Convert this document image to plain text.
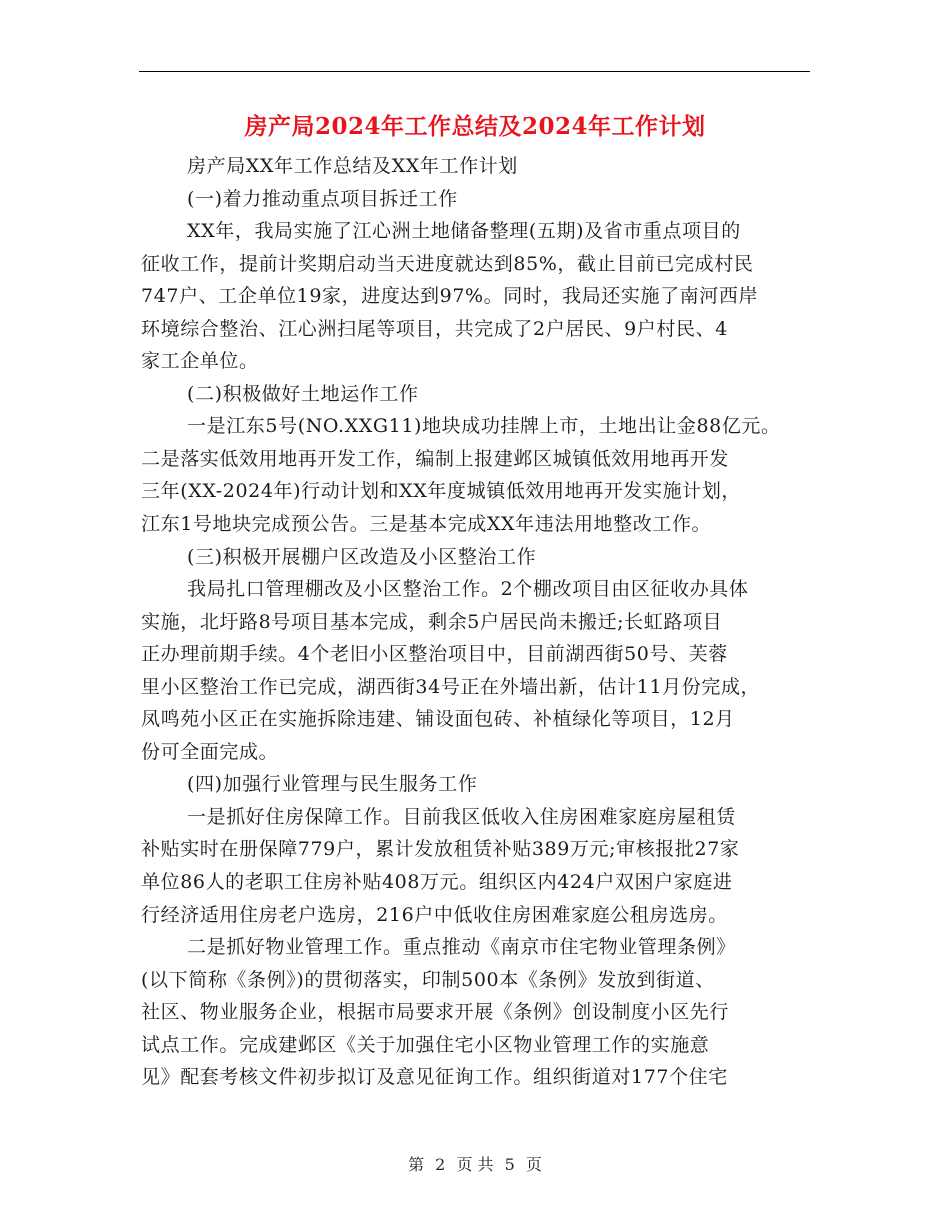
房产局2024年工作总结及2024年工作计划
房产局XX年工作总结及XX年工作计划
(一)着力推动重点项目拆迁工作
XX年，我局实施了江心洲土地储备整理(五期)及省市重点项目的
征收工作，提前计奖期启动当天进度就达到85%，截止目前已完成村民
747户、工企单位19家，进度达到97%。同时，我局还实施了南河西岸
环境综合整治、江心洲扫尾等项目，共完成了2户居民、9户村民、4
家工企单位。
(二)积极做好土地运作工作
一是江东5号(NO.XXG11)地块成功挂牌上市，土地出让金88亿元。
二是落实低效用地再开发工作，编制上报建邺区城镇低效用地再开发
三年(XX-2024年)行动计划和XX年度城镇低效用地再开发实施计划，
江东1号地块完成预公告。三是基本完成XX年违法用地整改工作。
(三)积极开展棚户区改造及小区整治工作
我局扎口管理棚改及小区整治工作。2个棚改项目由区征收办具体
实施，北圩路8号项目基本完成，剩余5户居民尚未搬迁;长虹路项目
正办理前期手续。4个老旧小区整治项目中，目前湖西街50号、芙蓉
里小区整治工作已完成，湖西街34号正在外墙出新，估计11月份完成，
凤鸣苑小区正在实施拆除违建、铺设面包砖、补植绿化等项目，12月
份可全面完成。
(四)加强行业管理与民生服务工作
一是抓好住房保障工作。目前我区低收入住房困难家庭房屋租赁
补贴实时在册保障779户，累计发放租赁补贴389万元;审核报批27家
单位86人的老职工住房补贴408万元。组织区内424户双困户家庭进
行经济适用住房老户选房，216户中低收住房困难家庭公租房选房。
二是抓好物业管理工作。重点推动《南京市住宅物业管理条例》
(以下简称《条例》)的贯彻落实，印制500本《条例》发放到街道、
社区、物业服务企业，根据市局要求开展《条例》创设制度小区先行
试点工作。完成建邺区《关于加强住宅小区物业管理工作的实施意
见》配套考核文件初步拟订及意见征询工作。组织街道对177个住宅
第 2 页 共 5 页
